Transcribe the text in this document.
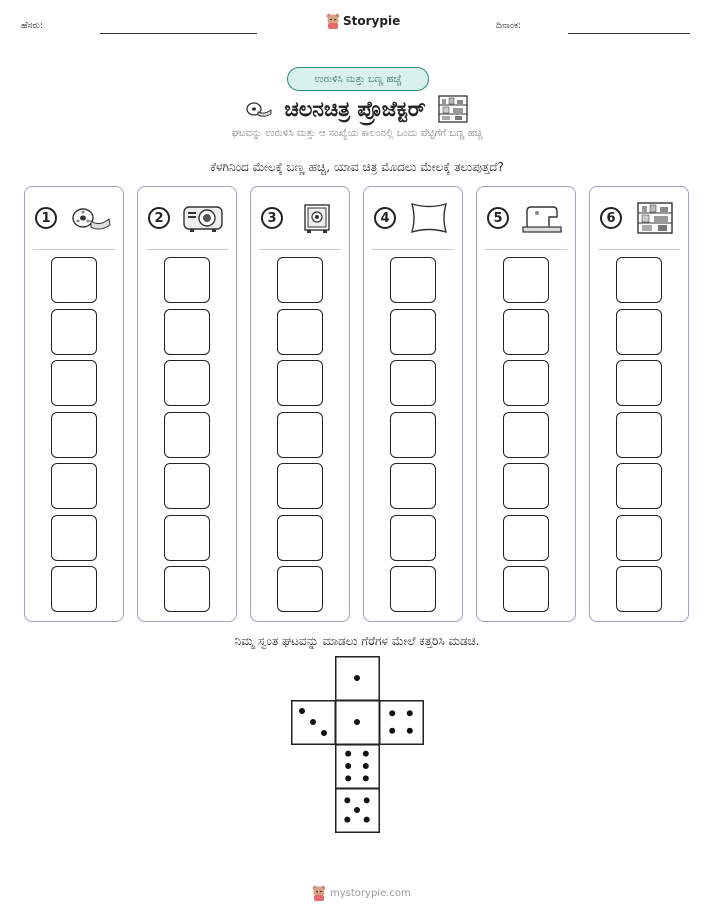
ಹೆಸರು:	Storypie	ದಿನಾಂಕ:
ಉರುಳಿಸಿ ಮತ್ತು ಬಣ್ಣ ಹಚ್ಚೆ
ಚಲನಚಿತ್ರ ಪ್ರೊಜೆಕ್ಟರ್
ಘಟವನ್ನು ಉರುಳಿಸಿ ಮತ್ತು ಆ ಸಂಖ್ಯೆಯ ಕಾಲಂನಲ್ಲಿ ಒಂದು ಪೆಟ್ಟಿಗೆಗೆ ಬಣ್ಣ ಹಚ್ಚಿ
ಕೆಳಗಿನಿಂದ ಮೇಲಕ್ಕೆ ಬಣ್ಣ ಹಚ್ಚಿ, ಯಾವ ಚಿತ್ರ ಮೊದಲು ಮೇಲಕ್ಕೆ ತಲುಪುತ್ತದೆ?
1	2	3	4	5	6
ನಿಮ್ಮ ಸ್ವಂತ ಘಟವನ್ನು ಮಾಡಲು ಗೆರೆಗಳ ಮೇಲೆ ಕತ್ತರಿಸಿ ಮಡಚಿ.
mystorypie.com
